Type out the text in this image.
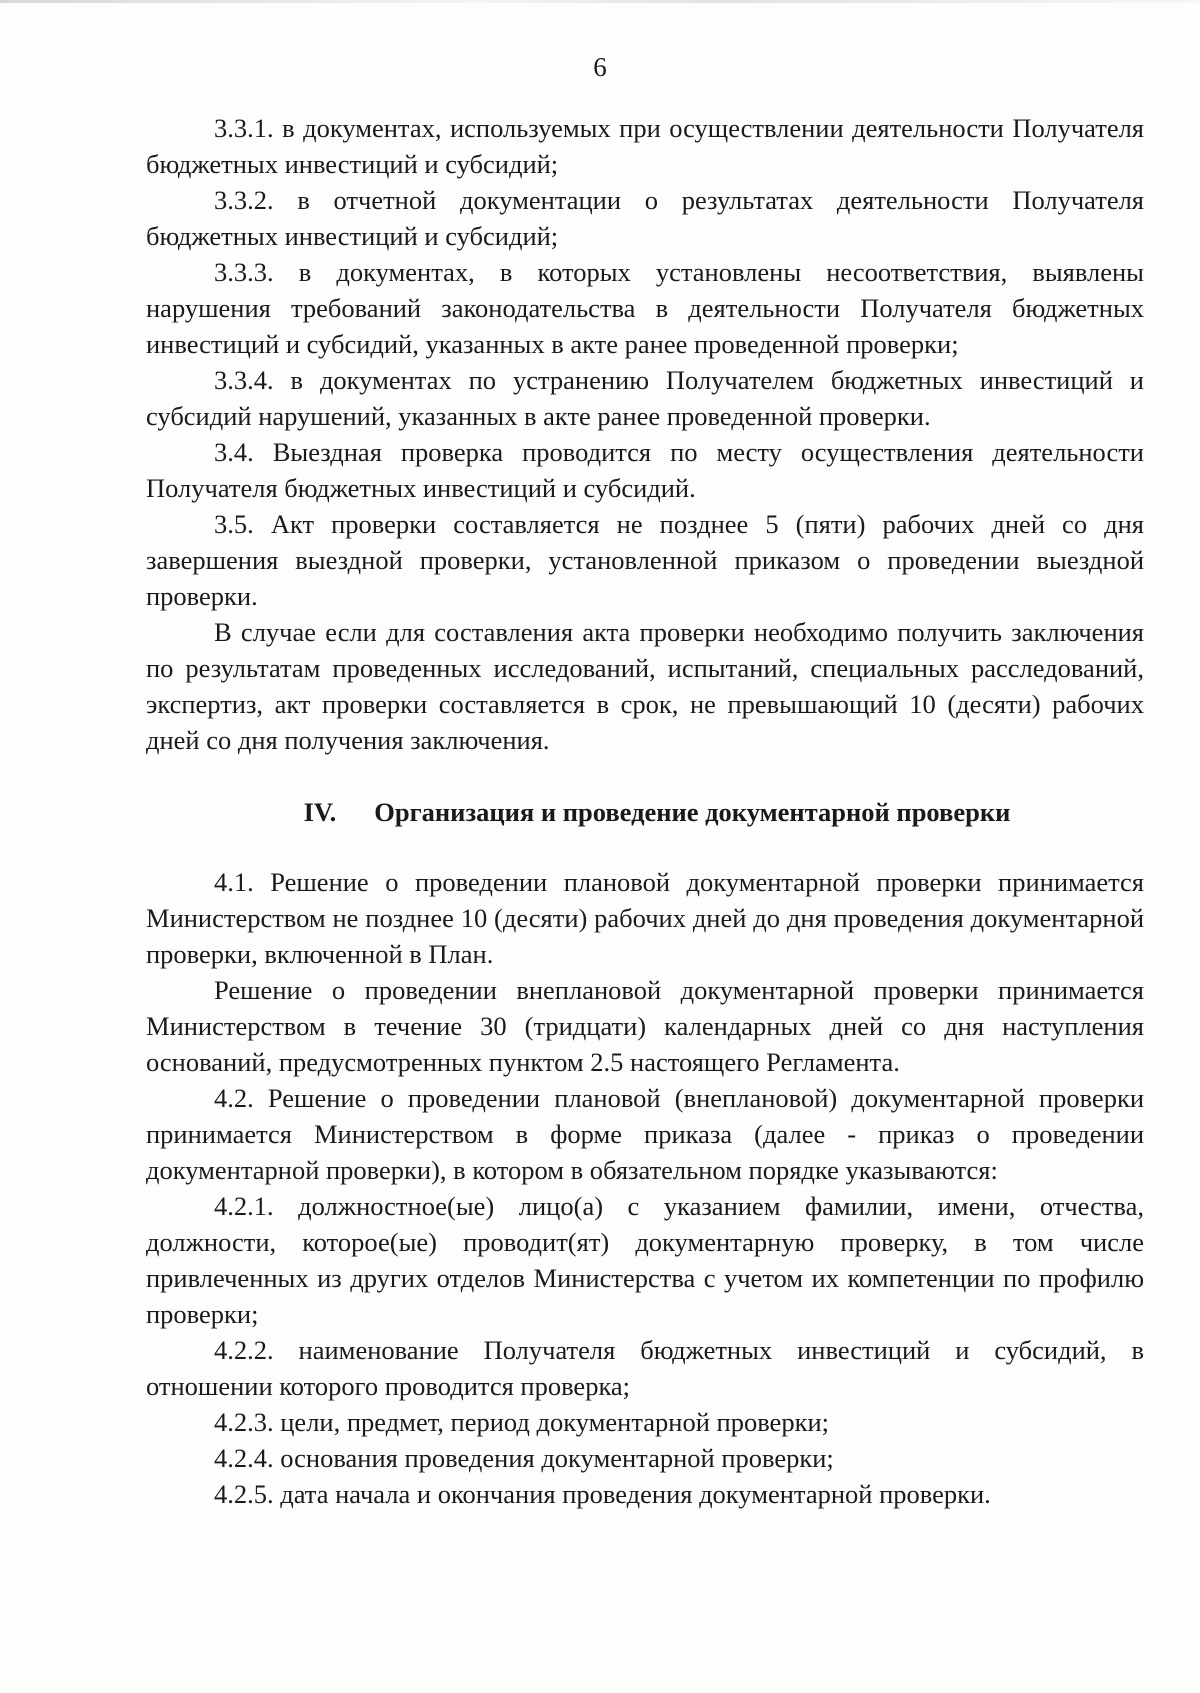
6

3.3.1. в документах, используемых при осуществлении деятельности Получателя бюджетных инвестиций и субсидий;

3.3.2. в отчетной документации о результатах деятельности Получателя бюджетных инвестиций и субсидий;

3.3.3. в документах, в которых установлены несоответствия, выявлены нарушения требований законодательства в деятельности Получателя бюджетных инвестиций и субсидий, указанных в акте ранее проведенной проверки;

3.3.4. в документах по устранению Получателем бюджетных инвестиций и субсидий нарушений, указанных в акте ранее проведенной проверки.

3.4. Выездная проверка проводится по месту осуществления деятельности Получателя бюджетных инвестиций и субсидий.

3.5. Акт проверки составляется не позднее 5 (пяти) рабочих дней со дня завершения выездной проверки, установленной приказом о проведении выездной проверки.

В случае если для составления акта проверки необходимо получить заключения по результатам проведенных исследований, испытаний, специальных расследований, экспертиз, акт проверки составляется в срок, не превышающий 10 (десяти) рабочих дней со дня получения заключения.

IV. Организация и проведение документарной проверки

4.1. Решение о проведении плановой документарной проверки принимается Министерством не позднее 10 (десяти) рабочих дней до дня проведения документарной проверки, включенной в План.

Решение о проведении внеплановой документарной проверки принимается Министерством в течение 30 (тридцати) календарных дней со дня наступления оснований, предусмотренных пунктом 2.5 настоящего Регламента.

4.2. Решение о проведении плановой (внеплановой) документарной проверки принимается Министерством в форме приказа (далее - приказ о проведении документарной проверки), в котором в обязательном порядке указываются:

4.2.1. должностное(ые) лицо(а) с указанием фамилии, имени, отчества, должности, которое(ые) проводит(ят) документарную проверку, в том числе привлеченных из других отделов Министерства с учетом их компетенции по профилю проверки;

4.2.2. наименование Получателя бюджетных инвестиций и субсидий, в отношении которого проводится проверка;

4.2.3. цели, предмет, период документарной проверки;

4.2.4. основания проведения документарной проверки;

4.2.5. дата начала и окончания проведения документарной проверки.
